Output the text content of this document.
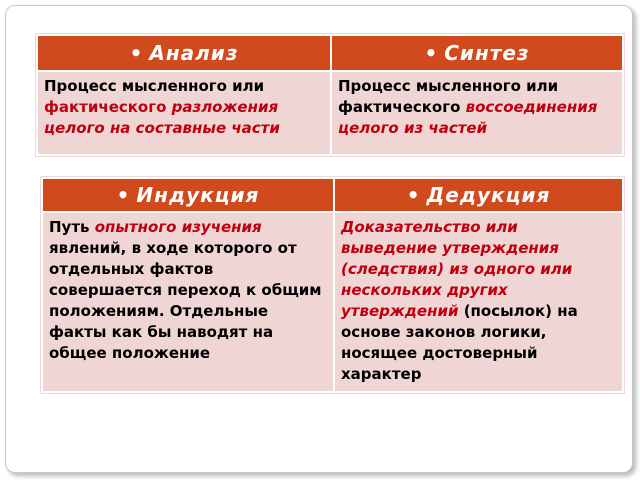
• Анализ	• Синтез
Процесс мысленного или фактического разложения целого на составные части	Процесс мысленного или фактического воссоединения целого из частей
• Индукция	• Дедукция
Путь опытного изучения явлений, в ходе которого от отдельных фактов совершается переход к общим положениям. Отдельные факты как бы наводят на общее положение	Доказательство или выведение утверждения (следствия) из одного или нескольких других утверждений (посылок) на основе законов логики, носящее достоверный характер
